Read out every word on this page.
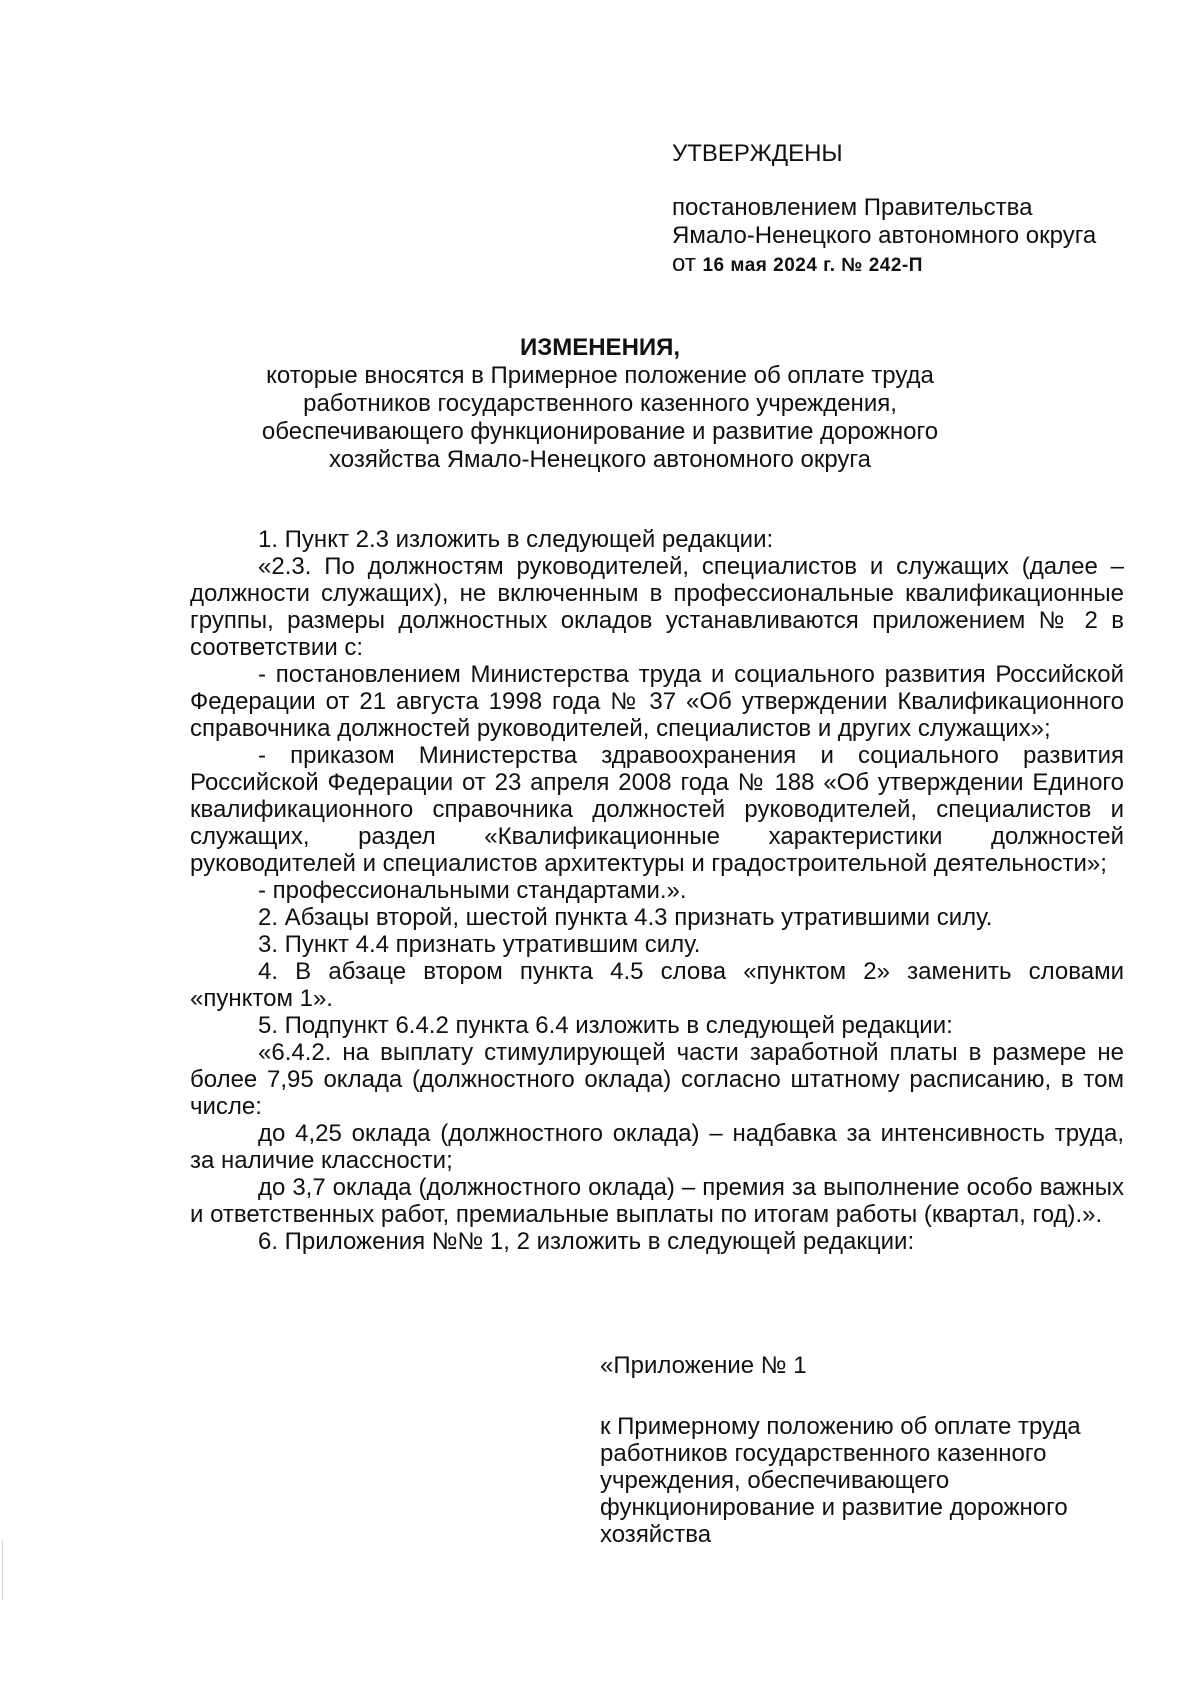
УТВЕРЖДЕНЫ
постановлением Правительства
Ямало-Ненецкого автономного округа
от 16 мая 2024 г. № 242-П
ИЗМЕНЕНИЯ,
которые вносятся в Примерное положение об оплате труда
работников государственного казенного учреждения,
обеспечивающего функционирование и развитие дорожного
хозяйства Ямало-Ненецкого автономного округа

1. Пункт 2.3 изложить в следующей редакции:

«2.3. По должностям руководителей, специалистов и служащих (далее – должности служащих), не включенным в профессиональные квалификационные группы, размеры должностных окладов устанавливаются приложением № 2 в соответствии с:

- постановлением Министерства труда и социального развития Российской Федерации от 21 августа 1998 года № 37 «Об утверждении Квалификационного справочника должностей руководителей, специалистов и других служащих»;

- приказом Министерства здравоохранения и социального развития Российской Федерации от 23 апреля 2008 года № 188 «Об утверждении Единого квалификационного справочника должностей руководителей, специалистов и служащих, раздел «Квалификационные характеристики должностей руководителей и специалистов архитектуры и градостроительной деятельности»;

- профессиональными стандартами.».

2. Абзацы второй, шестой пункта 4.3 признать утратившими силу.

3. Пункт 4.4 признать утратившим силу.

4. В абзаце втором пункта 4.5 слова «пунктом 2» заменить словами «пунктом 1».

5. Подпункт 6.4.2 пункта 6.4 изложить в следующей редакции:

«6.4.2. на выплату стимулирующей части заработной платы в размере не более 7,95 оклада (должностного оклада) согласно штатному расписанию, в том числе:

до 4,25 оклада (должностного оклада) – надбавка за интенсивность труда, за наличие классности;

до 3,7 оклада (должностного оклада) – премия за выполнение особо важных и ответственных работ, премиальные выплаты по итогам работы (квартал, год).».

6. Приложения №№ 1, 2 изложить в следующей редакции:

«Приложение № 1
к Примерному положению об оплате труда работников государственного казенного учреждения, обеспечивающего функционирование и развитие дорожного хозяйства
